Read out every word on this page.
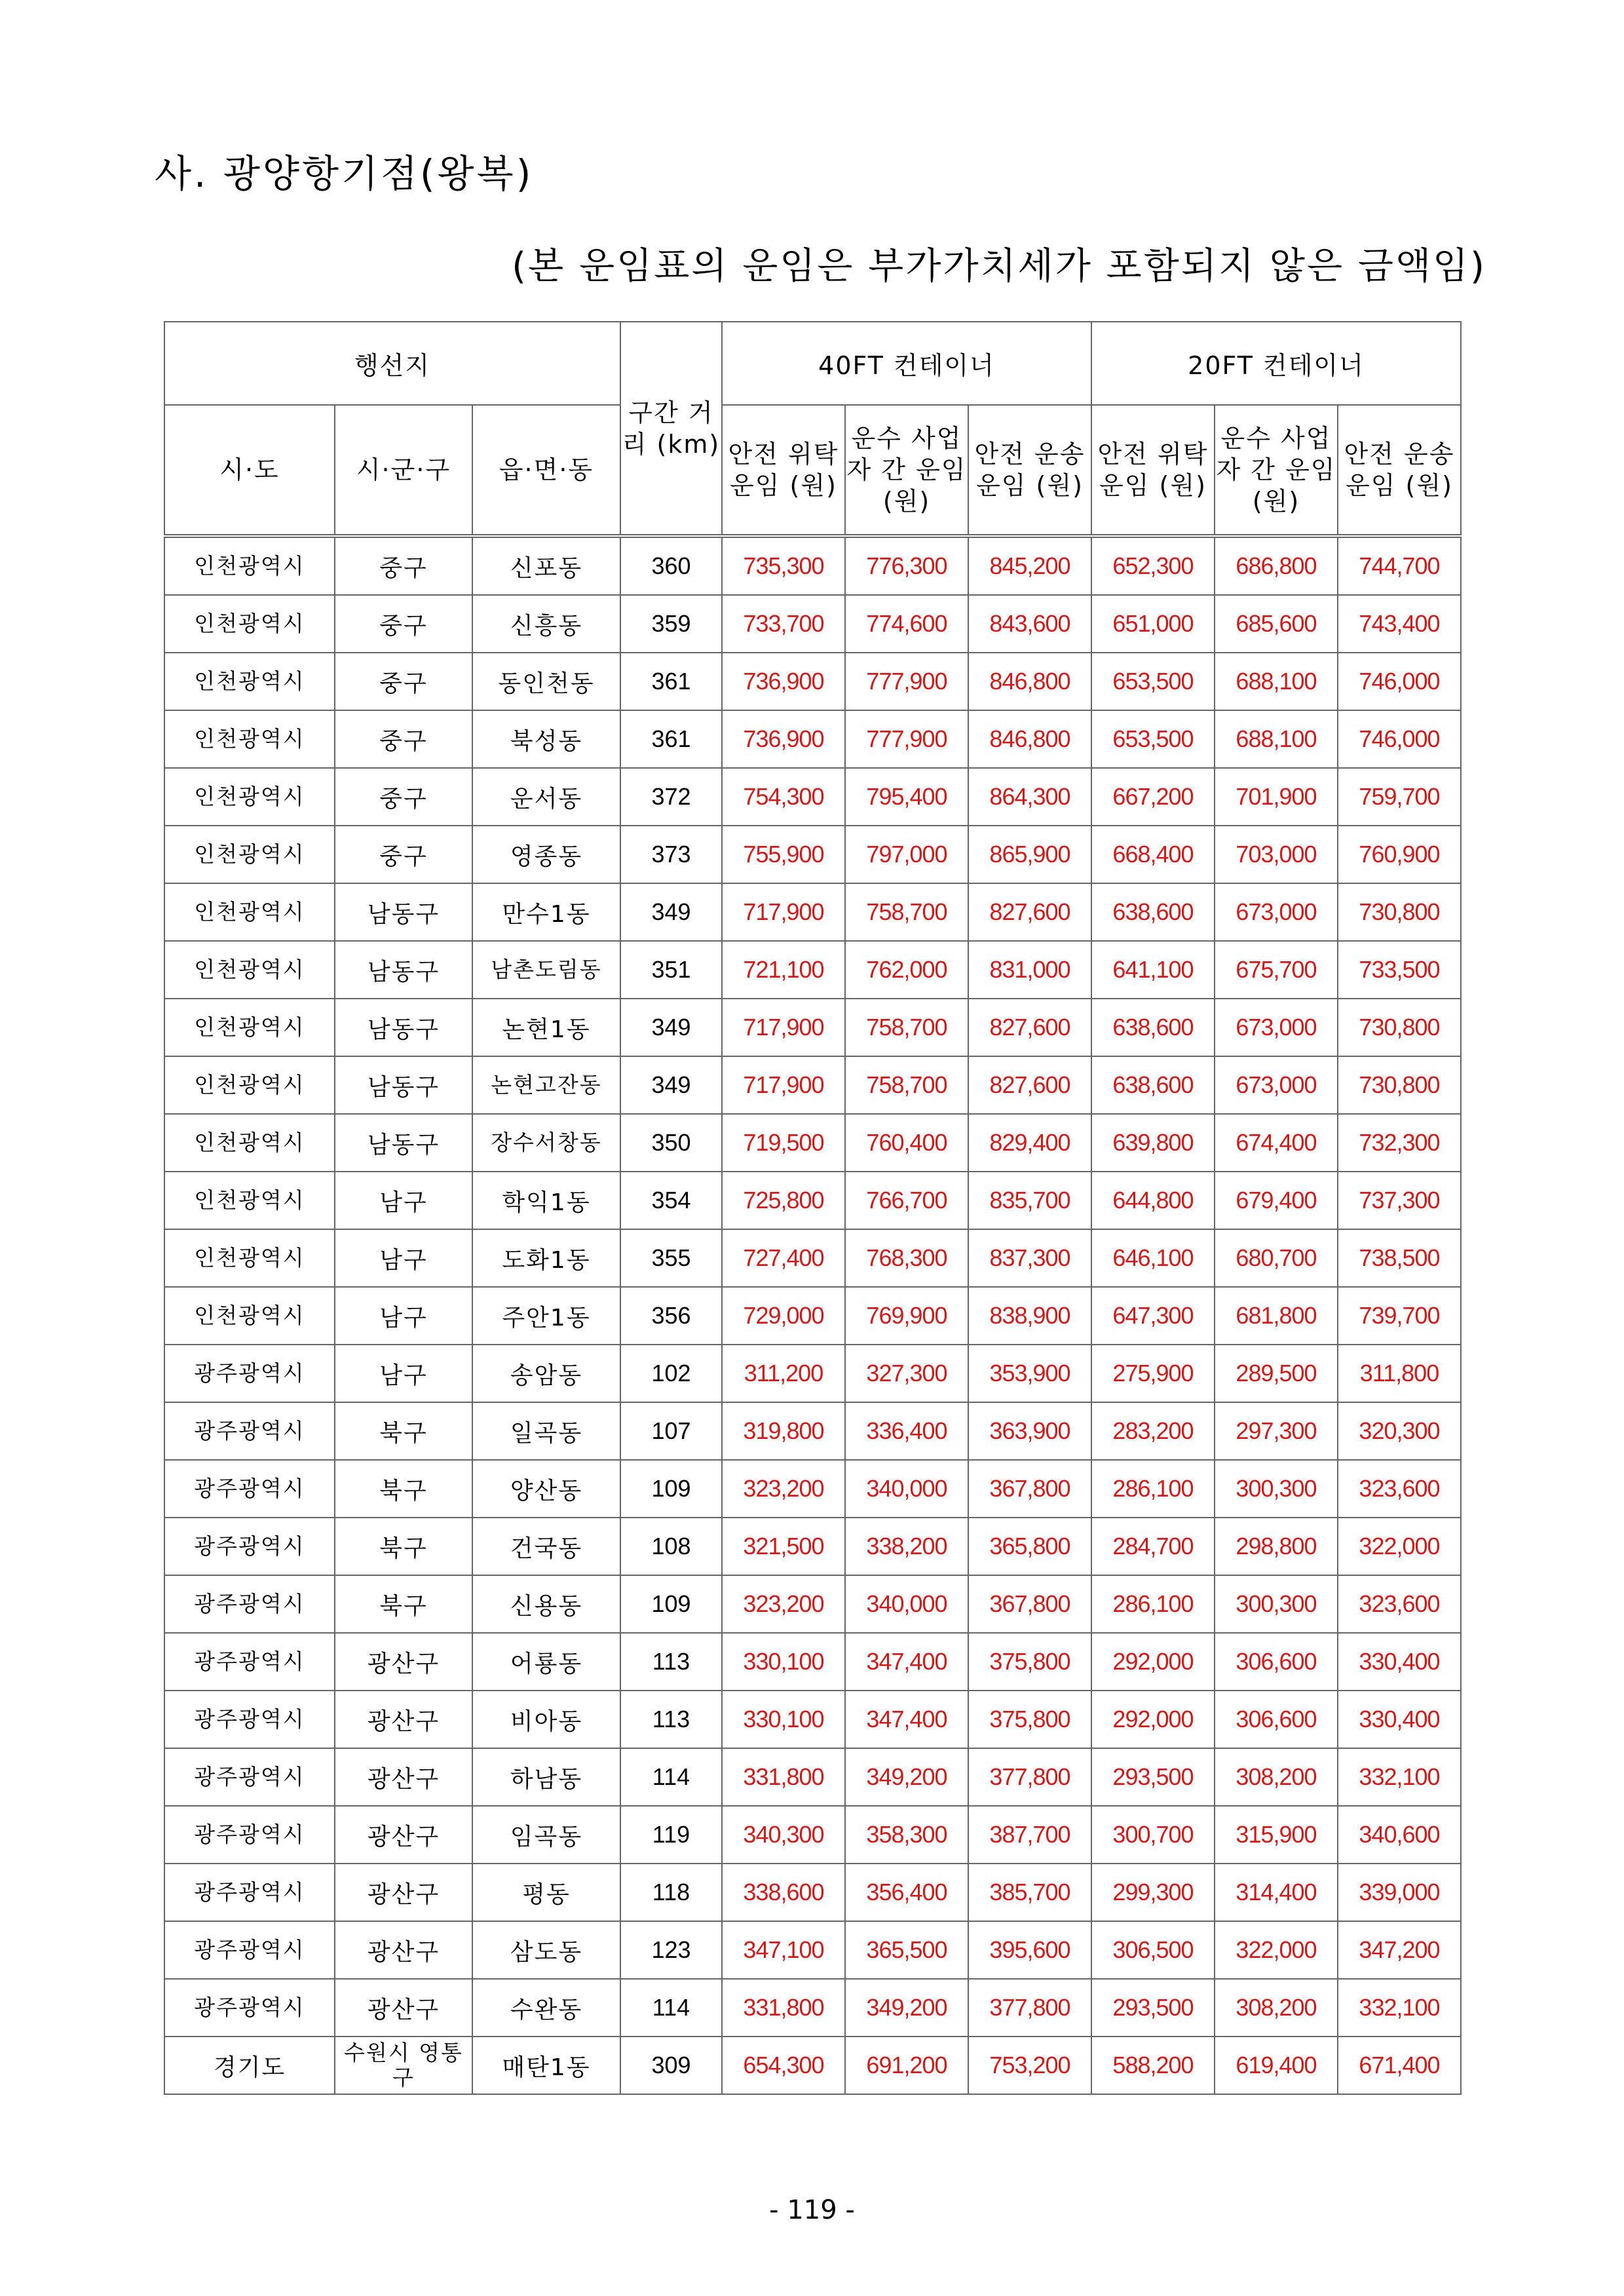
사. 광양항기점(왕복)
(본 운임표의 운임은 부가가치세가 포함되지 않은 금액임)
행선지			구간 거리 (km)	40FT 컨테이너			20FT 컨테이너		
시·도	시·군·구	읍·면·동		안전 위탁 운임 (원)	운수 사업자 간 운임 (원)	안전 운송 운임 (원)	안전 위탁 운임 (원)	운수 사업자 간 운임 (원)	안전 운송 운임 (원)
인천광역시	중구	신포동	360	735,300	776,300	845,200	652,300	686,800	744,700
인천광역시	중구	신흥동	359	733,700	774,600	843,600	651,000	685,600	743,400
인천광역시	중구	동인천동	361	736,900	777,900	846,800	653,500	688,100	746,000
인천광역시	중구	북성동	361	736,900	777,900	846,800	653,500	688,100	746,000
인천광역시	중구	운서동	372	754,300	795,400	864,300	667,200	701,900	759,700
인천광역시	중구	영종동	373	755,900	797,000	865,900	668,400	703,000	760,900
인천광역시	남동구	만수1동	349	717,900	758,700	827,600	638,600	673,000	730,800
인천광역시	남동구	남촌도림동	351	721,100	762,000	831,000	641,100	675,700	733,500
인천광역시	남동구	논현1동	349	717,900	758,700	827,600	638,600	673,000	730,800
인천광역시	남동구	논현고잔동	349	717,900	758,700	827,600	638,600	673,000	730,800
인천광역시	남동구	장수서창동	350	719,500	760,400	829,400	639,800	674,400	732,300
인천광역시	남구	학익1동	354	725,800	766,700	835,700	644,800	679,400	737,300
인천광역시	남구	도화1동	355	727,400	768,300	837,300	646,100	680,700	738,500
인천광역시	남구	주안1동	356	729,000	769,900	838,900	647,300	681,800	739,700
광주광역시	남구	송암동	102	311,200	327,300	353,900	275,900	289,500	311,800
광주광역시	북구	일곡동	107	319,800	336,400	363,900	283,200	297,300	320,300
광주광역시	북구	양산동	109	323,200	340,000	367,800	286,100	300,300	323,600
광주광역시	북구	건국동	108	321,500	338,200	365,800	284,700	298,800	322,000
광주광역시	북구	신용동	109	323,200	340,000	367,800	286,100	300,300	323,600
광주광역시	광산구	어룡동	113	330,100	347,400	375,800	292,000	306,600	330,400
광주광역시	광산구	비아동	113	330,100	347,400	375,800	292,000	306,600	330,400
광주광역시	광산구	하남동	114	331,800	349,200	377,800	293,500	308,200	332,100
광주광역시	광산구	임곡동	119	340,300	358,300	387,700	300,700	315,900	340,600
광주광역시	광산구	평동	118	338,600	356,400	385,700	299,300	314,400	339,000
광주광역시	광산구	삼도동	123	347,100	365,500	395,600	306,500	322,000	347,200
광주광역시	광산구	수완동	114	331,800	349,200	377,800	293,500	308,200	332,100
경기도	수원시 영통구	매탄1동	309	654,300	691,200	753,200	588,200	619,400	671,400
- 119 -
